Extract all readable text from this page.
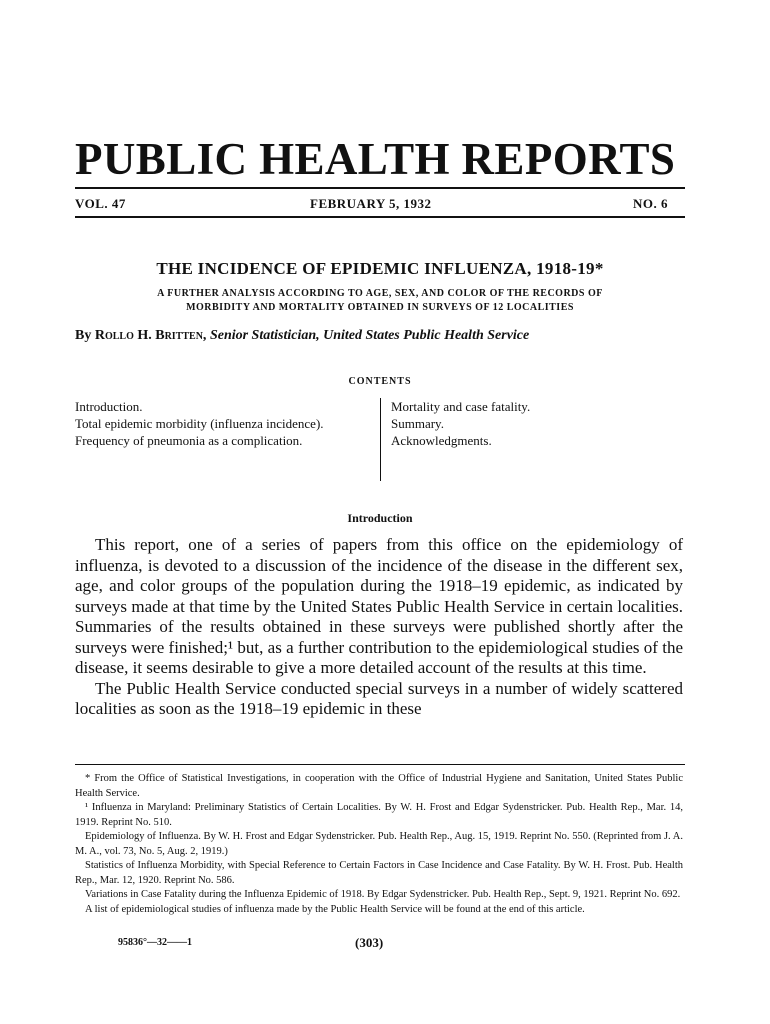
PUBLIC HEALTH REPORTS
VOL. 47	FEBRUARY 5, 1932	NO. 6
THE INCIDENCE OF EPIDEMIC INFLUENZA, 1918-19*
A FURTHER ANALYSIS ACCORDING TO AGE, SEX, AND COLOR OF THE RECORDS OF
MORBIDITY AND MORTALITY OBTAINED IN SURVEYS OF 12 LOCALITIES
By Rollo H. Britten, Senior Statistician, United States Public Health Service
CONTENTS

Introduction.

Total epidemic morbidity (influenza incidence).

Frequency of pneumonia as a complication.

Mortality and case fatality.

Summary.

Acknowledgments.

Introduction

This report, one of a series of papers from this office on the epidemiology of influenza, is devoted to a discussion of the incidence of the disease in the different sex, age, and color groups of the population during the 1918–19 epidemic, as indicated by surveys made at that time by the United States Public Health Service in certain localities. Summaries of the results obtained in these surveys were published shortly after the surveys were finished;¹ but, as a further contribution to the epidemiological studies of the disease, it seems desirable to give a more detailed account of the results at this time.

The Public Health Service conducted special surveys in a number of widely scattered localities as soon as the 1918–19 epidemic in these

* From the Office of Statistical Investigations, in cooperation with the Office of Industrial Hygiene and Sanitation, United States Public Health Service.

¹ Influenza in Maryland: Preliminary Statistics of Certain Localities. By W. H. Frost and Edgar Sydenstricker. Pub. Health Rep., Mar. 14, 1919. Reprint No. 510.

Epidemiology of Influenza. By W. H. Frost and Edgar Sydenstricker. Pub. Health Rep., Aug. 15, 1919. Reprint No. 550. (Reprinted from J. A. M. A., vol. 73, No. 5, Aug. 2, 1919.)

Statistics of Influenza Morbidity, with Special Reference to Certain Factors in Case Incidence and Case Fatality. By W. H. Frost. Pub. Health Rep., Mar. 12, 1920. Reprint No. 586.

Variations in Case Fatality during the Influenza Epidemic of 1918. By Edgar Sydenstricker. Pub. Health Rep., Sept. 9, 1921. Reprint No. 692.

A list of epidemiological studies of influenza made by the Public Health Service will be found at the end of this article.

95836°—32——1	(303)
